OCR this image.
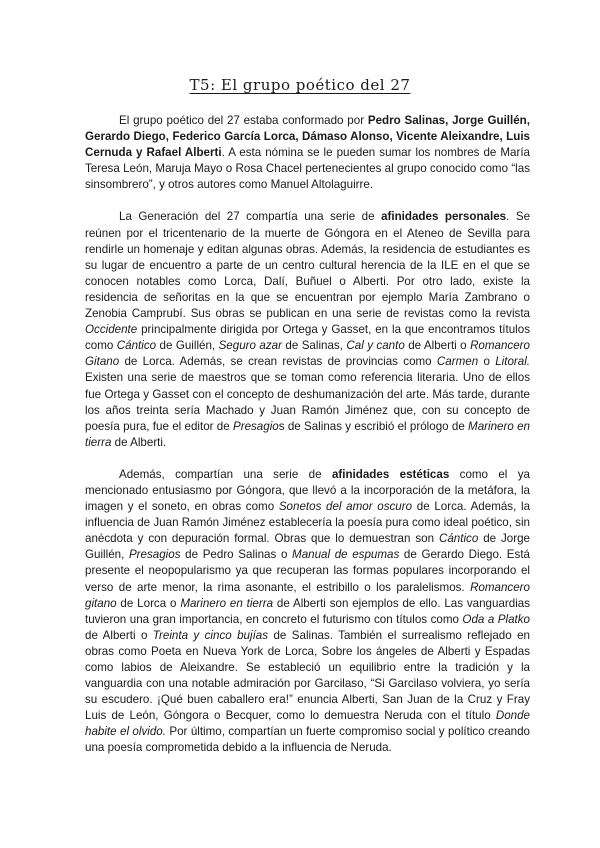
T5: El grupo poético del 27

El grupo poético del 27 estaba conformado por Pedro Salinas, Jorge Guillén, Gerardo Diego, Federico García Lorca, Dámaso Alonso, Vicente Aleixandre, Luis Cernuda y Rafael Alberti. A esta nómina se le pueden sumar los nombres de María Teresa León, Maruja Mayo o Rosa Chacel pertenecientes al grupo conocido como “las sinsombrero”, y otros autores como Manuel Altolaguirre.

La Generación del 27 compartía una serie de afinidades personales. Se reúnen por el tricentenario de la muerte de Góngora en el Ateneo de Sevilla para rendirle un homenaje y editan algunas obras. Además, la residencia de estudiantes es su lugar de encuentro a parte de un centro cultural herencia de la ILE en el que se conocen notables como Lorca, Dalí, Buñuel o Alberti. Por otro lado, existe la residencia de señoritas en la que se encuentran por ejemplo María Zambrano o Zenobia Camprubí. Sus obras se publican en una serie de revistas como la revista Occidente principalmente dirigida por Ortega y Gasset, en la que encontramos títulos como Cántico de Guillén, Seguro azar de Salinas, Cal y canto de Alberti o Romancero Gitano de Lorca. Además, se crean revistas de provincias como Carmen o Litoral. Existen una serie de maestros que se toman como referencia literaria. Uno de ellos fue Ortega y Gasset con el concepto de deshumanización del arte. Más tarde, durante los años treinta sería Machado y Juan Ramón Jiménez que, con su concepto de poesía pura, fue el editor de Presagios de Salinas y escribió el prólogo de Marinero en tierra de Alberti.

Además, compartían una serie de afinidades estéticas como el ya mencionado entusiasmo por Góngora, que llevó a la incorporación de la metáfora, la imagen y el soneto, en obras como Sonetos del amor oscuro de Lorca. Además, la influencia de Juan Ramón Jiménez establecería la poesía pura como ideal poético, sin anécdota y con depuración formal. Obras que lo demuestran son Cántico de Jorge Guillén, Presagios de Pedro Salinas o Manual de espumas de Gerardo Diego. Está presente el neopopularismo ya que recuperan las formas populares incorporando el verso de arte menor, la rima asonante, el estribillo o los paralelismos. Romancero gitano de Lorca o Marinero en tierra de Alberti son ejemplos de ello. Las vanguardias tuvieron una gran importancia, en concreto el futurismo con títulos como Oda a Platko de Alberti o Treinta y cinco bujías de Salinas. También el surrealismo reflejado en obras como Poeta en Nueva York de Lorca, Sobre los ángeles de Alberti y Espadas como labios de Aleixandre. Se estableció un equilibrio entre la tradición y la vanguardia con una notable admiración por Garcilaso, “Si Garcilaso volviera, yo sería su escudero. ¡Qué buen caballero era!” enuncia Alberti, San Juan de la Cruz y Fray Luis de León, Góngora o Becquer, como lo demuestra Neruda con el título Donde habite el olvido. Por último, compartían un fuerte compromiso social y político creando una poesía comprometida debido a la influencia de Neruda.
